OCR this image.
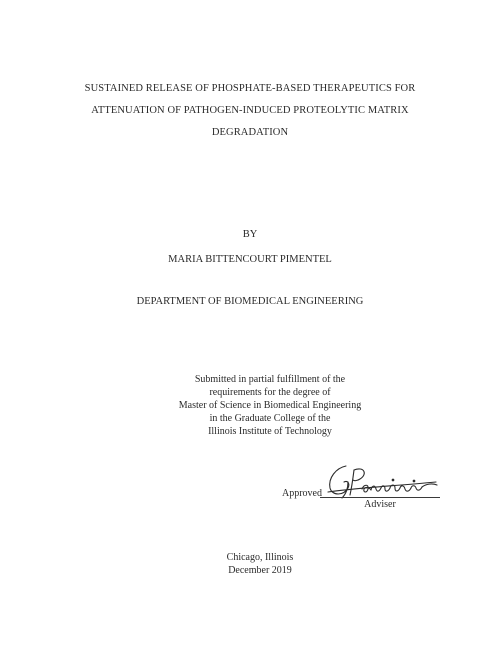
SUSTAINED RELEASE OF PHOSPHATE-BASED THERAPEUTICS FOR
ATTENUATION OF PATHOGEN-INDUCED PROTEOLYTIC MATRIX
DEGRADATION
BY
MARIA BITTENCOURT PIMENTEL
DEPARTMENT OF BIOMEDICAL ENGINEERING
Submitted in partial fulfillment of the
requirements for the degree of
Master of Science in Biomedical Engineering
in the Graduate College of the
Illinois Institute of Technology
Approved
Adviser
Chicago, Illinois
December 2019
